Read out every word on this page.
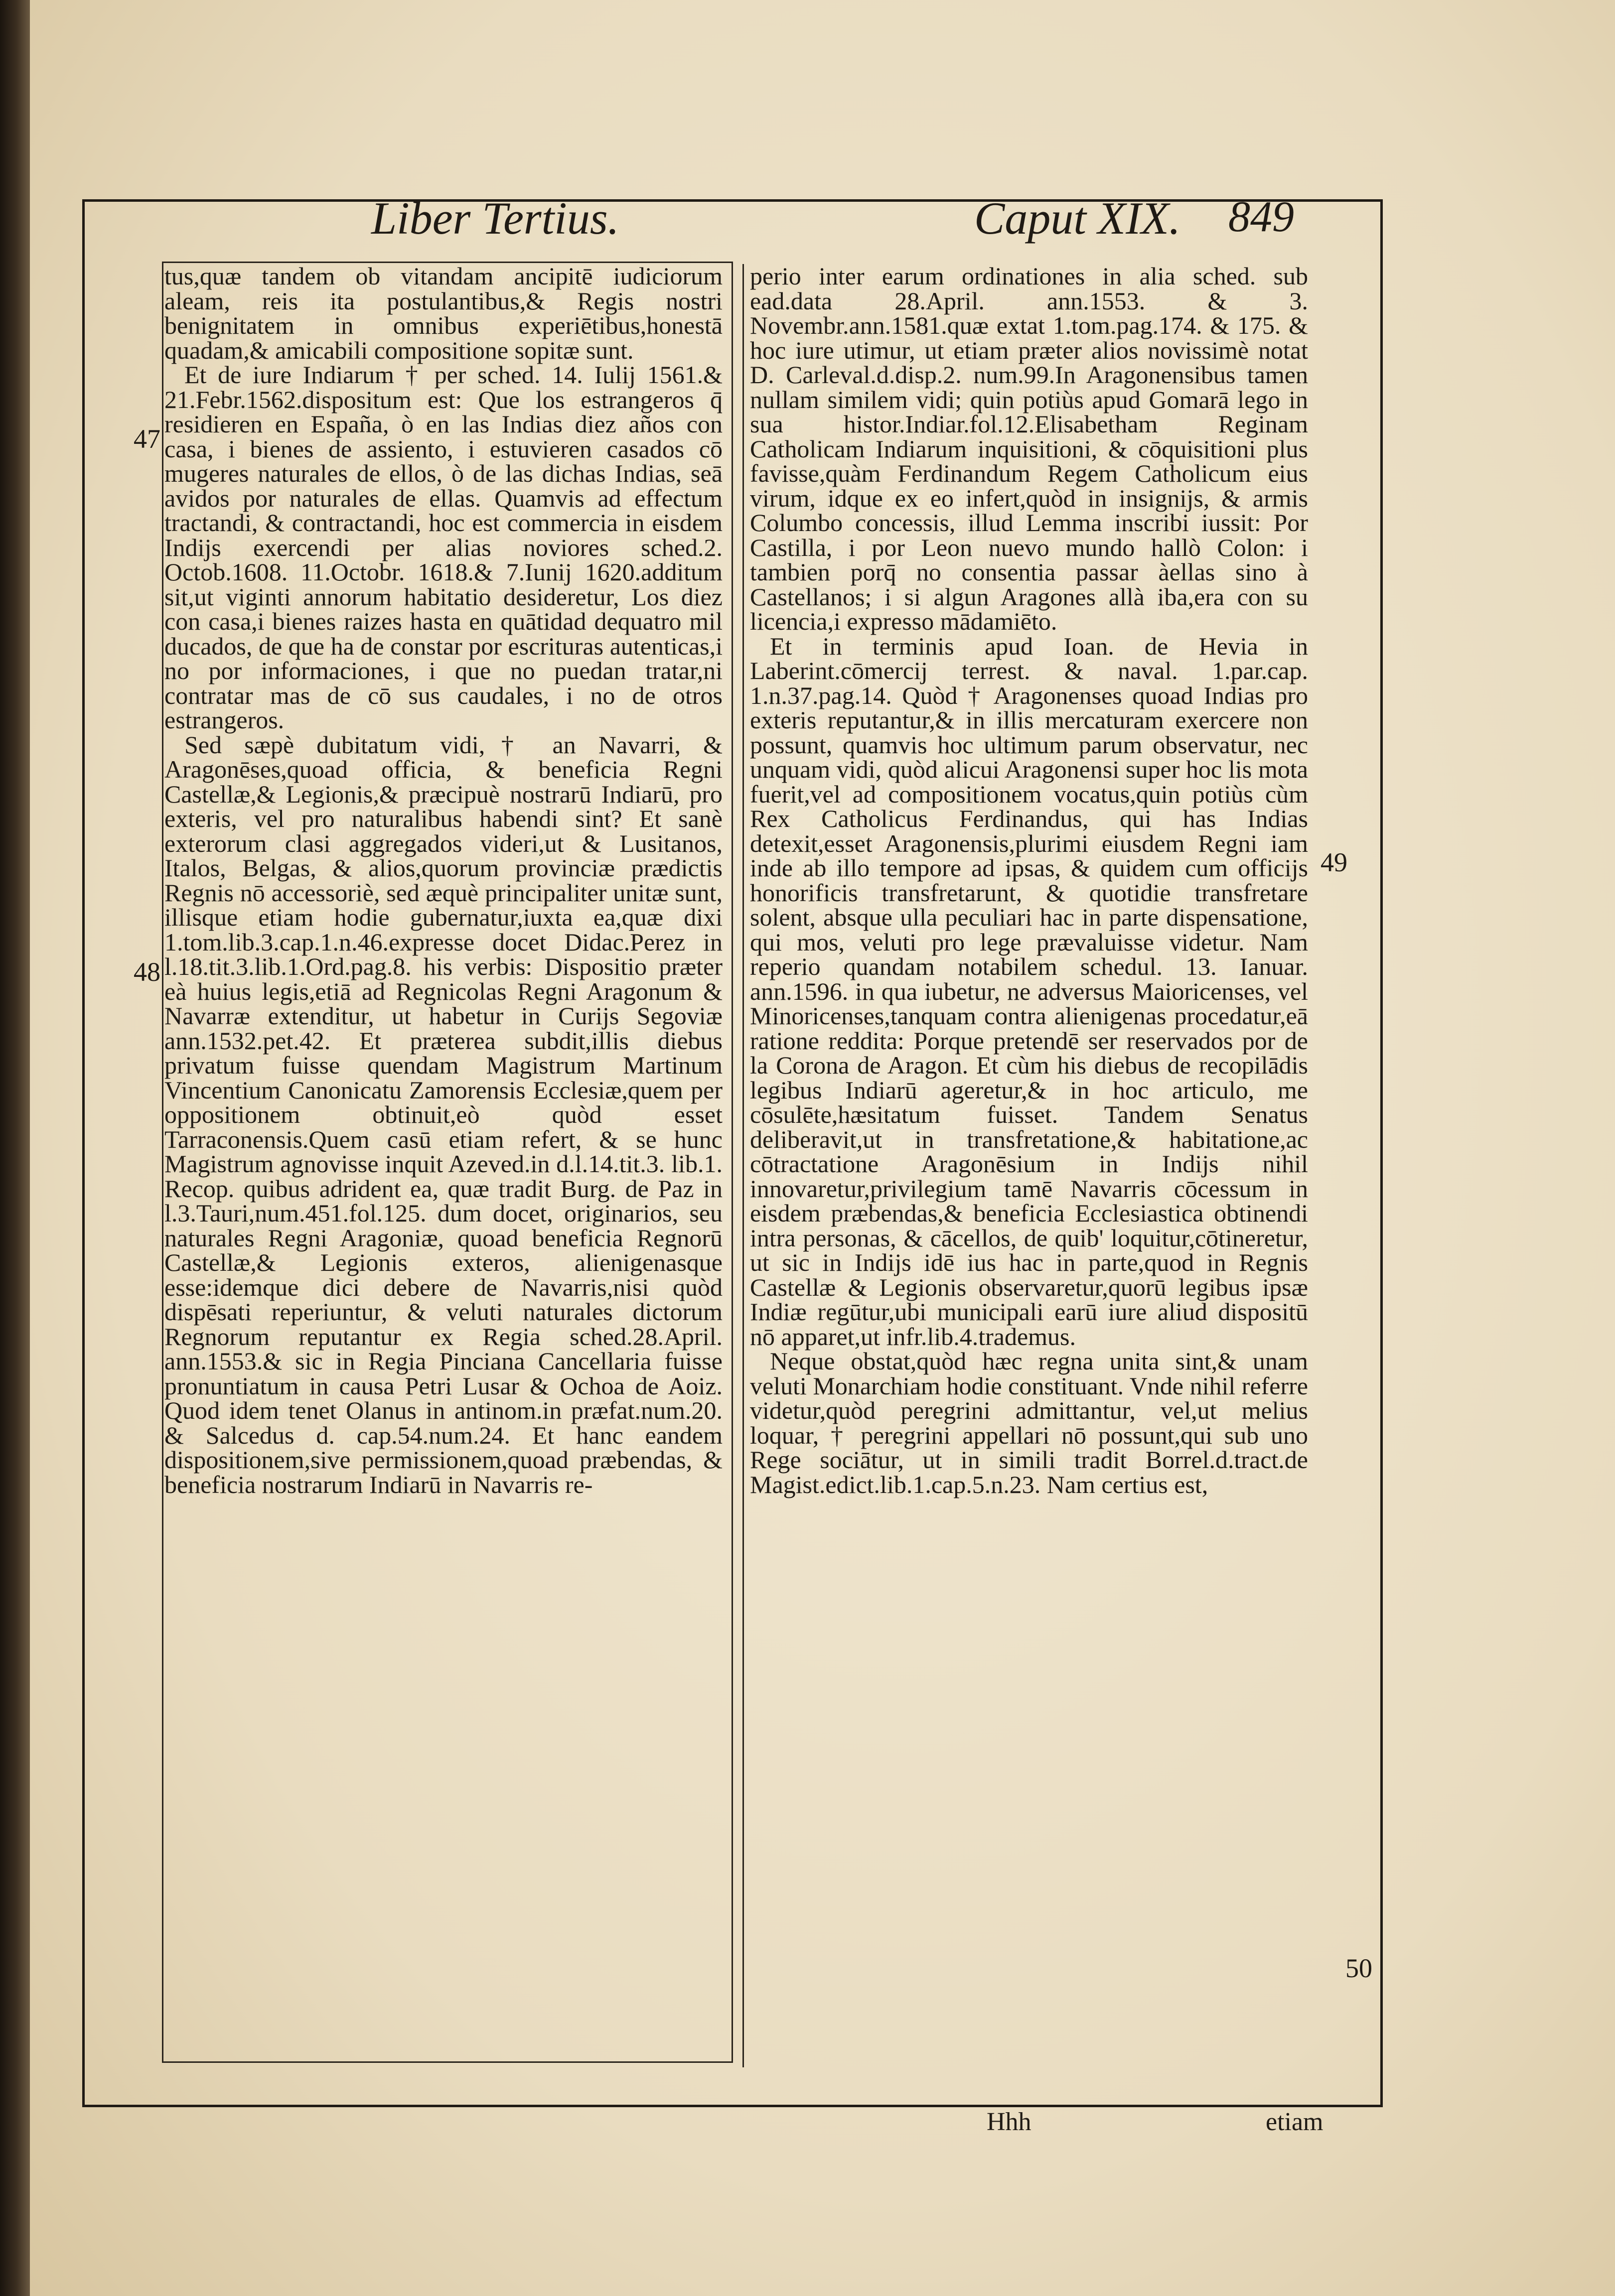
Liber Tertius.	Caput XIX. 849
47
48
49
50

tus,quæ tandem ob vitandam ancipitē iudiciorum aleam, reis ita postulantibus,& Regis nostri benignitatem in omnibus experiētibus,honestā quadam,& amicabili compositione sopitæ sunt.

Et de iure Indiarum † per sched. 14. Iulij 1561.& 21.Febr.1562.dispositum est: Que los estrangeros q̄ residieren en España, ò en las Indias diez años con casa, i bienes de assiento, i estuvieren casados cō mugeres naturales de ellos, ò de las dichas Indias, seā avidos por naturales de ellas. Quamvis ad effectum tractandi, & contractandi, hoc est commercia in eisdem Indijs exercendi per alias noviores sched.2. Octob.1608. 11.Octobr. 1618.& 7.Iunij 1620.additum sit,ut viginti annorum habitatio desideretur, Los diez con casa,i bienes raizes hasta en quātidad dequatro mil ducados, de que ha de constar por escrituras autenticas,i no por informaciones, i que no puedan tratar,ni contratar mas de cō sus caudales, i no de otros estrangeros.

Sed sæpè dubitatum vidi,† an Navarri, & Aragonēses,quoad officia, & beneficia Regni Castellæ,& Legionis,& præcipuè nostrarū Indiarū, pro exteris, vel pro naturalibus habendi sint? Et sanè exterorum clasi aggregados videri,ut & Lusitanos, Italos, Belgas, & alios,quorum provinciæ prædictis Regnis nō accessoriè, sed æquè principaliter unitæ sunt, illisque etiam hodie gubernatur,iuxta ea,quæ dixi 1.tom.lib.3.cap.1.n.46.expresse docet Didac.Perez in l.18.tit.3.lib.1.Ord.pag.8. his verbis: Dispositio præter eà huius legis,etiā ad Regnicolas Regni Aragonum & Navarræ extenditur, ut habetur in Curijs Segoviæ ann.1532.pet.42. Et præterea subdit,illis diebus privatum fuisse quendam Magistrum Martinum Vincentium Canonicatu Zamorensis Ecclesiæ,quem per oppositionem obtinuit,eò quòd esset Tarraconensis.Quem casū etiam refert, & se hunc Magistrum agnovisse inquit Azeved.in d.l.14.tit.3. lib.1. Recop. quibus adrident ea, quæ tradit Burg. de Paz in l.3.Tauri,num.451.fol.125. dum docet, originarios, seu naturales Regni Aragoniæ, quoad beneficia Regnorū Castellæ,& Legionis exteros, alienigenasque esse:idemque dici debere de Navarris,nisi quòd dispēsati reperiuntur, & veluti naturales dictorum Regnorum reputantur ex Regia sched.28.April. ann.1553.& sic in Regia Pinciana Cancellaria fuisse pronuntiatum in causa Petri Lusar & Ochoa de Aoiz. Quod idem tenet Olanus in antinom.in præfat.num.20. & Salcedus d. cap.54.num.24. Et hanc eandem dispositionem,sive permissionem,quoad præbendas, & beneficia nostrarum Indiarū in Navarris re-

perio inter earum ordinationes in alia sched. sub ead.data 28.April. ann.1553. & 3. Novembr.ann.1581.quæ extat 1.tom.pag.174. & 175. & hoc iure utimur, ut etiam præter alios novissimè notat D. Carleval.d.disp.2. num.99.In Aragonensibus tamen nullam similem vidi; quin potiùs apud Gomarā lego in sua histor.Indiar.fol.12.Elisabetham Reginam Catholicam Indiarum inquisitioni, & cōquisitioni plus favisse,quàm Ferdinandum Regem Catholicum eius virum, idque ex eo infert,quòd in insignijs, & armis Columbo concessis, illud Lemma inscribi iussit: Por Castilla, i por Leon nuevo mundo hallò Colon: i tambien porq̄ no consentia passar àellas sino à Castellanos; i si algun Aragones allà iba,era con su licencia,i expresso mādamiēto.

Et in terminis apud Ioan. de Hevia in Laberint.cōmercij terrest. & naval. 1.par.cap. 1.n.37.pag.14. Quòd † Aragonenses quoad Indias pro exteris reputantur,& in illis mercaturam exercere non possunt, quamvis hoc ultimum parum observatur, nec unquam vidi, quòd alicui Aragonensi super hoc lis mota fuerit,vel ad compositionem vocatus,quin potiùs cùm Rex Catholicus Ferdinandus, qui has Indias detexit,esset Aragonensis,plurimi eiusdem Regni iam inde ab illo tempore ad ipsas, & quidem cum officijs honorificis transfretarunt, & quotidie transfretare solent, absque ulla peculiari hac in parte dispensatione, qui mos, veluti pro lege prævaluisse videtur. Nam reperio quandam notabilem schedul. 13. Ianuar. ann.1596. in qua iubetur, ne adversus Maioricenses, vel Minoricenses,tanquam contra alienigenas procedatur,eā ratione reddita: Porque pretendē ser reservados por de la Corona de Aragon. Et cùm his diebus de recopilādis legibus Indiarū ageretur,& in hoc articulo, me cōsulēte,hæsitatum fuisset. Tandem Senatus deliberavit,ut in transfretatione,& habitatione,ac cōtractatione Aragonēsium in Indijs nihil innovaretur,privilegium tamē Navarris cōcessum in eisdem præbendas,& beneficia Ecclesiastica obtinendi intra personas, & cācellos, de quib' loquitur,cōtineretur, ut sic in Indijs idē ius hac in parte,quod in Regnis Castellæ & Legionis observaretur,quorū legibus ipsæ Indiæ regūtur,ubi municipali earū iure aliud dispositū nō apparet,ut infr.lib.4.trademus.

Neque obstat,quòd hæc regna unita sint,& unam veluti Monarchiam hodie constituant. Vnde nihil referre videtur,quòd peregrini admittantur, vel,ut melius loquar, † peregrini appellari nō possunt,qui sub uno Rege sociātur, ut in simili tradit Borrel.d.tract.de Magist.edict.lib.1.cap.5.n.23. Nam certius est,

Hhh	etiam
